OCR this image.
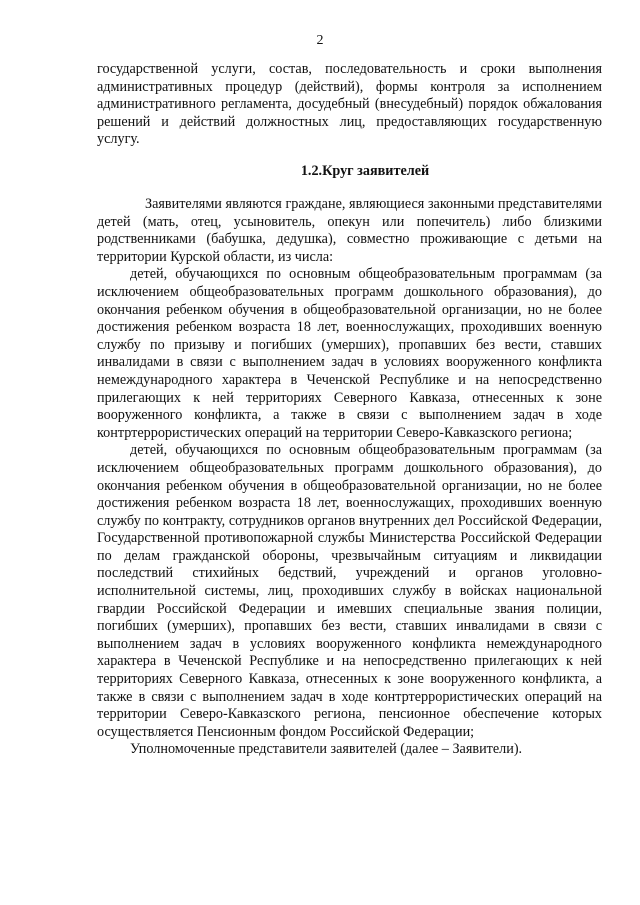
2

государственной услуги, состав, последовательность и сроки выполнения административных процедур (действий), формы контроля за исполнением административного регламента, досудебный (внесудебный) порядок обжалования решений и действий должностных лиц, предоставляющих государственную услугу.

1.2.Круг заявителей

Заявителями являются граждане, являющиеся законными представителями детей (мать, отец, усыновитель, опекун или попечитель) либо близкими родственниками (бабушка, дедушка), совместно проживающие с детьми на территории Курской области, из числа:

детей, обучающихся по основным общеобразовательным программам (за исключением общеобразовательных программ дошкольного образования), до окончания ребенком обучения в общеобразовательной организации, но не более достижения ребенком возраста 18 лет, военнослужащих, проходивших военную службу по призыву и погибших (умерших), пропавших без вести, ставших инвалидами в связи с выполнением задач в условиях вооруженного конфликта немеждународного характера в Чеченской Республике и на непосредственно прилегающих к ней территориях Северного Кавказа, отнесенных к зоне вооруженного конфликта, а также в связи с выполнением задач в ходе контртеррористических операций на территории Северо-Кавказского региона;

детей, обучающихся по основным общеобразовательным программам (за исключением общеобразовательных программ дошкольного образования), до окончания ребенком обучения в общеобразовательной организации, но не более достижения ребенком возраста 18 лет, военнослужащих, проходивших военную службу по контракту, сотрудников органов внутренних дел Российской Федерации, Государственной противопожарной службы Министерства Российской Федерации по делам гражданской обороны, чрезвычайным ситуациям и ликвидации последствий стихийных бедствий, учреждений и органов уголовно-исполнительной системы, лиц, проходивших службу в войсках национальной гвардии Российской Федерации и имевших специальные звания полиции, погибших (умерших), пропавших без вести, ставших инвалидами в связи с выполнением задач в условиях вооруженного конфликта немеждународного характера в Чеченской Республике и на непосредственно прилегающих к ней территориях Северного Кавказа, отнесенных к зоне вооруженного конфликта, а также в связи с выполнением задач в ходе контртеррористических операций на территории Северо-Кавказского региона, пенсионное обеспечение которых осуществляется Пенсионным фондом Российской Федерации;

Уполномоченные представители заявителей (далее – Заявители).
